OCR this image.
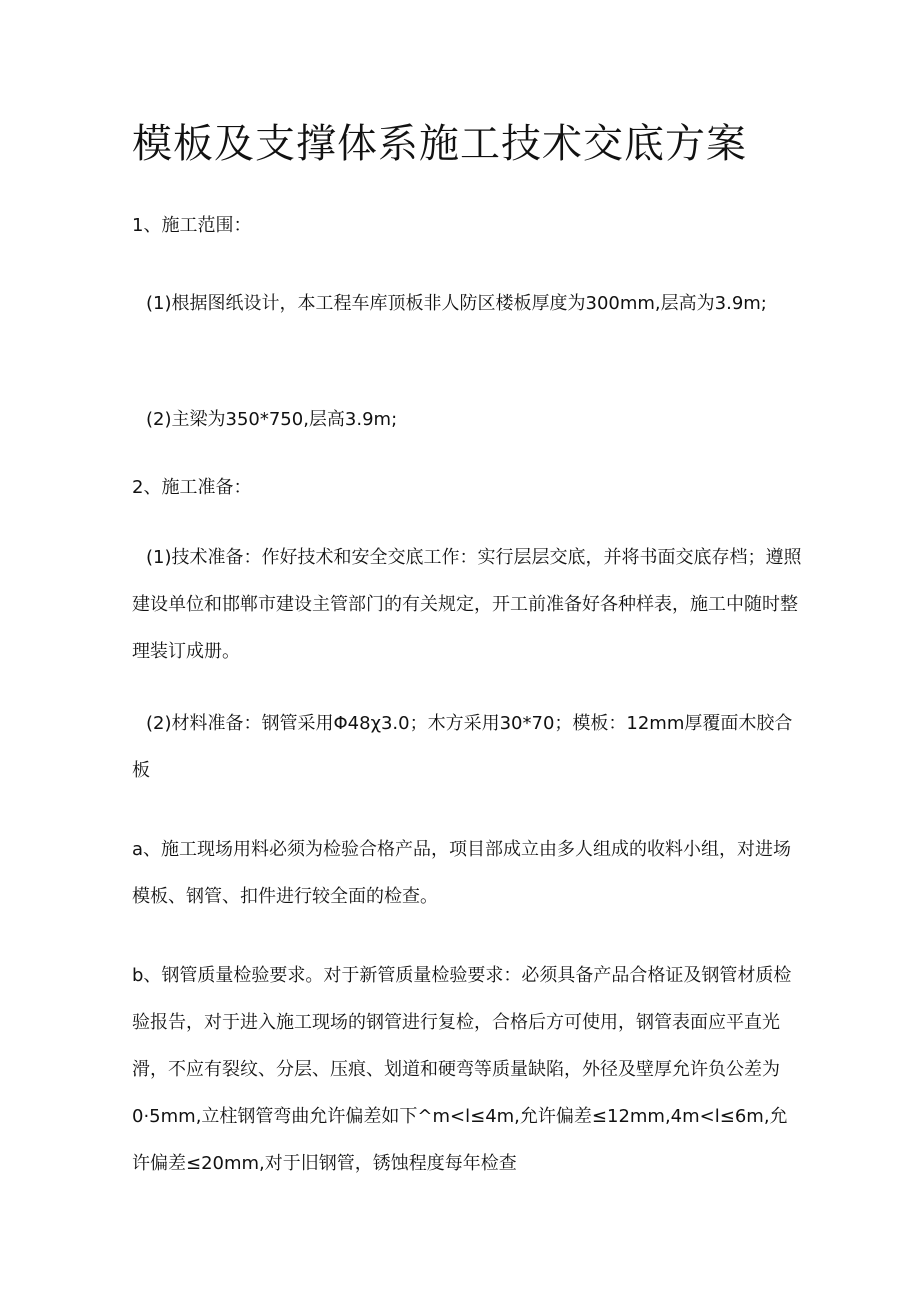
模板及支撑体系施工技术交底方案

1、施工范围：

(1)根据图纸设计，本工程车库顶板非人防区楼板厚度为300mm,层高为3.9m;

(2)主梁为350*750,层高3.9m;

2、施工准备：

(1)技术准备：作好技术和安全交底工作：实行层层交底，并将书面交底存档；遵照建设单位和邯郸市建设主管部门的有关规定，开工前准备好各种样表，施工中随时整理装订成册。

(2)材料准备：钢管采用Φ48χ3.0；木方采用30*70；模板：12mm厚覆面木胶合板

a、施工现场用料必须为检验合格产品，项目部成立由多人组成的收料小组，对进场模板、钢管、扣件进行较全面的检查。

b、钢管质量检验要求。对于新管质量检验要求：必须具备产品合格证及钢管材质检验报告，对于进入施工现场的钢管进行复检，合格后方可使用，钢管表面应平直光滑，不应有裂纹、分层、压痕、划道和硬弯等质量缺陷，外径及壁厚允许负公差为0·5mm,立柱钢管弯曲允许偏差如下^m<l≤4m,允许偏差≤12mm,4m<l≤6m,允许偏差≤20mm,对于旧钢管，锈蚀程度每年检查
